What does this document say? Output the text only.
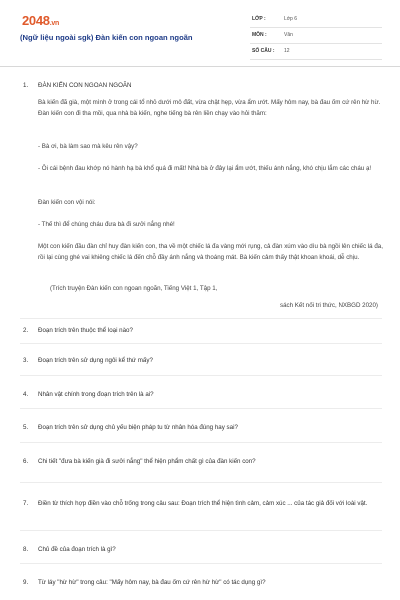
2048.vn
(Ngữ liệu ngoài sgk) Đàn kiến con ngoan ngoãn
LỚP :	Lớp 6
MÔN :	Văn
SỐ CÂU : 12
1. ĐÀN KIẾN CON NGOAN NGOÃN
Bà kiến đã già, một mình ở trong cái tổ nhỏ dưới mô đất, vừa chật hẹp, vừa ẩm ướt. Mấy hôm nay, bà đau ốm cứ rên hừ hừ. Đàn kiến con đi tha mồi, qua nhà bà kiến, nghe tiếng bà rên liền chạy vào hỏi thăm:
- Bà ơi, bà làm sao mà kêu rên vậy?
- Ôi cái bệnh đau khớp nó hành hạ bà khổ quá đi mất! Nhà bà ở đây lại ẩm ướt, thiếu ánh nắng, khó chịu lắm các cháu ạ!
Đàn kiến con vội nói:
- Thế thì để chúng cháu đưa bà đi sưởi nắng nhé!
Một con kiến đầu đàn chỉ huy đàn kiến con, tha về một chiếc lá đa vàng mới rụng, cả đàn xúm vào dìu bà ngồi lên chiếc lá đa, rồi lại cùng ghé vai khiêng chiếc lá đến chỗ đầy ánh nắng và thoáng mát. Bà kiến cảm thấy thật khoan khoái, dễ chịu.
(Trích truyện Đàn kiến con ngoan ngoãn, Tiếng Việt 1, Tập 1,
sách Kết nối tri thức, NXBGD 2020)
2. Đoạn trích trên thuộc thể loại nào?
3. Đoạn trích trên sử dụng ngôi kể thứ mấy?
4. Nhân vật chính trong đoạn trích trên là ai?
5. Đoạn trích trên sử dụng chủ yếu biện pháp tu từ nhân hóa đúng hay sai?
6. Chi tiết "đưa bà kiến già đi sưởi nắng" thể hiện phẩm chất gì của đàn kiến con?
7. Điền từ thích hợp điền vào chỗ trống trong câu sau: Đoạn trích thể hiện tình cảm, cảm xúc ... của tác giả đối với loài vật.
8. Chủ đề của đoạn trích là gì?
9. Từ láy "hừ hừ" trong câu: "Mấy hôm nay, bà đau ốm cứ rên hừ hừ" có tác dụng gì?
